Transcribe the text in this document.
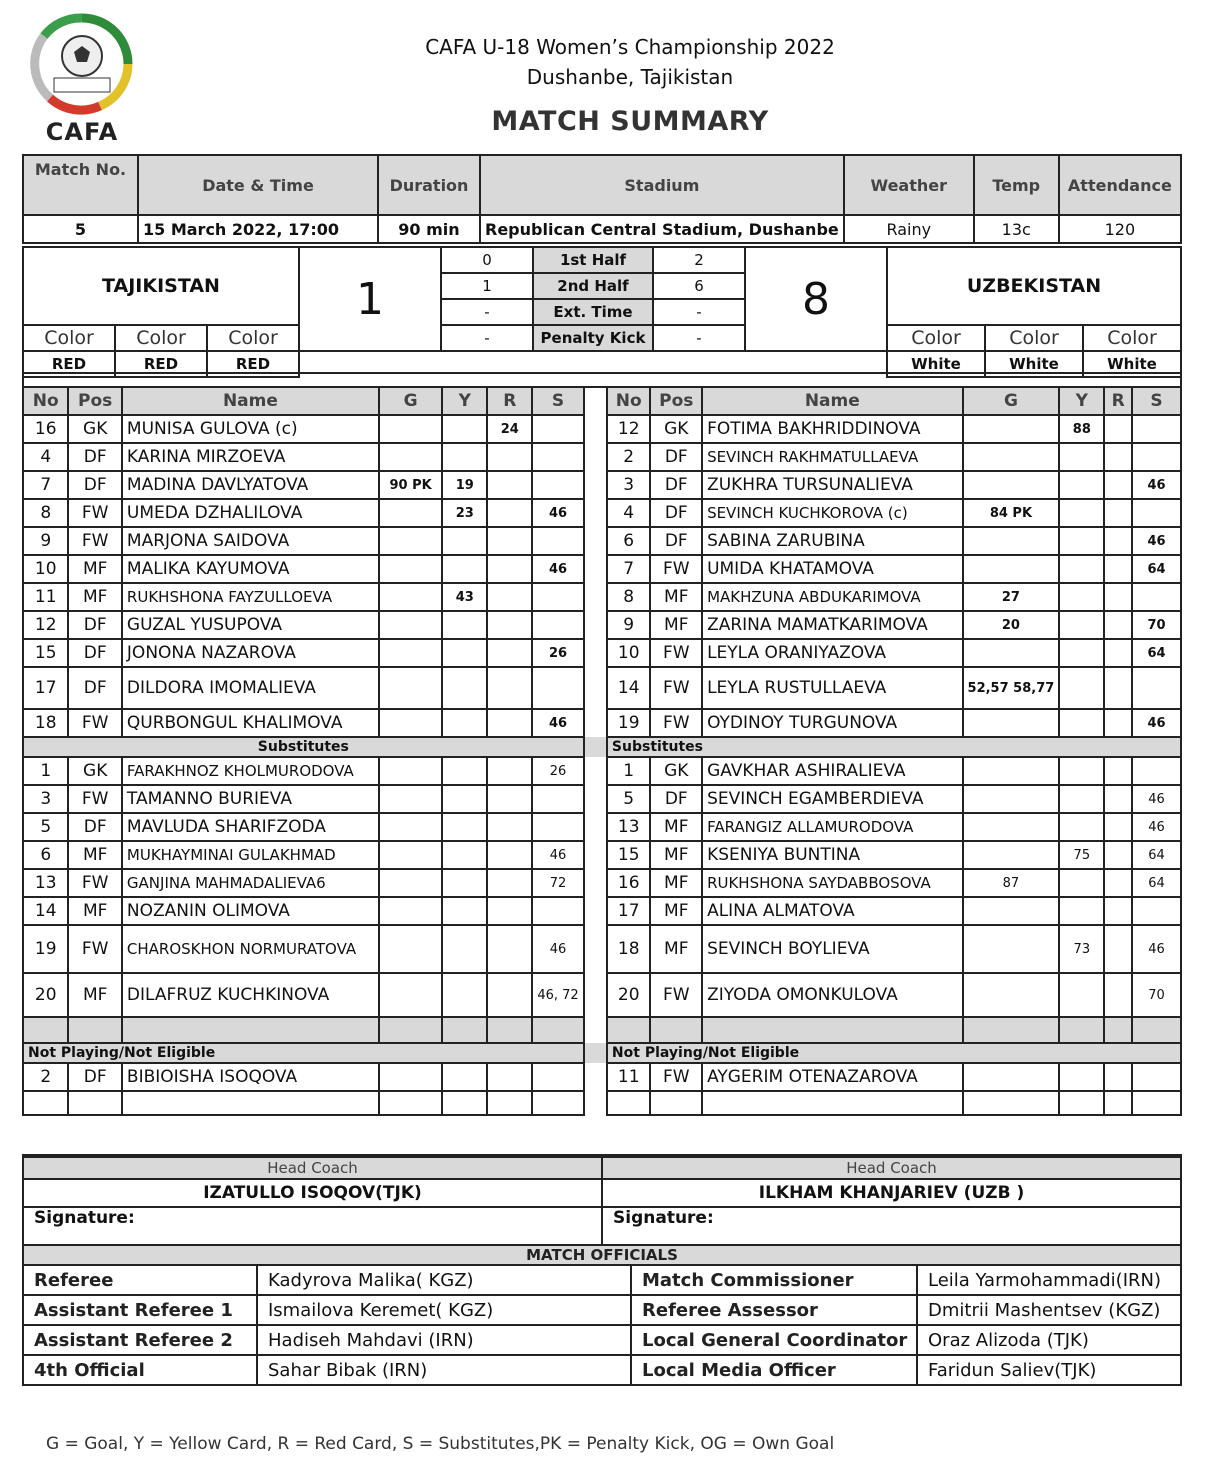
CAFA
CAFA U-18 Women’s Championship 2022
Dushanbe, Tajikistan
MATCH SUMMARY
Match No.	Date & Time	Duration	Stadium	Weather	Temp	Attendance
5	15 March 2022, 17:00	90 min	Republican Central Stadium, Dushanbe	Rainy	13c	120
TAJIKISTAN			1	0	1st Half	2	8	UZBEKISTAN		
				1	2nd Half	6				
				-	Ext. Time	-				
Color	Color	Color		-	Penalty Kick	-		Color	Color	Color
RED	RED	RED						White	White	White

No	Pos	Name	G	Y	R	S		No	Pos	Name	G	Y	R	S
16	GK	MUNISA GULOVA (c)			24			12	GK	FOTIMA BAKHRIDDINOVA		88		
4	DF	KARINA MIRZOEVA						2	DF	SEVINCH RAKHMATULLAEVA				
7	DF	MADINA DAVLYATOVA	90 PK	19				3	DF	ZUKHRA TURSUNALIEVA				46
8	FW	UMEDA DZHALILOVA		23		46		4	DF	SEVINCH KUCHKOROVA (c)	84 PK			
9	FW	MARJONA SAIDOVA						6	DF	SABINA ZARUBINA				46
10	MF	MALIKA KAYUMOVA				46		7	FW	UMIDA KHATAMOVA				64
11	MF	RUKHSHONA FAYZULLOEVA		43				8	MF	MAKHZUNA ABDUKARIMOVA	27			
12	DF	GUZAL YUSUPOVA						9	MF	ZARINA MAMATKARIMOVA	20			70
15	DF	JONONA NAZAROVA				26		10	FW	LEYLA ORANIYAZOVA				64
17	DF	DILDORA IMOMALIEVA						14	FW	LEYLA RUSTULLAEVA	52,57 58,77			
18	FW	QURBONGUL KHALIMOVA				46		19	FW	OYDINOY TURGUNOVA				46
Substitutes								Substitutes						
1	GK	FARAKHNOZ KHOLMURODOVA				26		1	GK	GAVKHAR ASHIRALIEVA				
3	FW	TAMANNO BURIEVA						5	DF	SEVINCH EGAMBERDIEVA				46
5	DF	MAVLUDA SHARIFZODA						13	MF	FARANGIZ ALLAMURODOVA				46
6	MF	MUKHAYMINAI GULAKHMAD				46		15	MF	KSENIYA BUNTINA		75		64
13	FW	GANJINA MAHMADALIEVA6				72		16	MF	RUKHSHONA SAYDABBOSOVA	87			64
14	MF	NOZANIN OLIMOVA						17	MF	ALINA ALMATOVA				
19	FW	CHAROSKHON NORMURATOVA				46		18	MF	SEVINCH BOYLIEVA		73		46
20	MF	DILAFRUZ KUCHKINOVA				46, 72		20	FW	ZIYODA OMONKULOVA				70

Not Playing/Not Eligible								Not Playing/Not Eligible						
2	DF	BIBIOISHA ISOQOVA						11	FW	AYGERIM OTENAZAROVA				

Head Coach	Head Coach
IZATULLO ISOQOV(TJK)	ILKHAM KHANJARIEV (UZB )
Signature:	Signature:
MATCH OFFICIALS			
Referee	Kadyrova Malika( KGZ)	Match Commissioner	Leila Yarmohammadi(IRN)
Assistant Referee 1	Ismailova Keremet( KGZ)	Referee Assessor	Dmitrii Mashentsev (KGZ)
Assistant Referee 2	Hadiseh Mahdavi (IRN)	Local General Coordinator	Oraz Alizoda (TJK)
4th Official	Sahar Bibak (IRN)	Local Media Officer	Faridun Saliev(TJK)
G = Goal, Y = Yellow Card, R = Red Card, S = Substitutes,PK = Penalty Kick, OG = Own Goal
